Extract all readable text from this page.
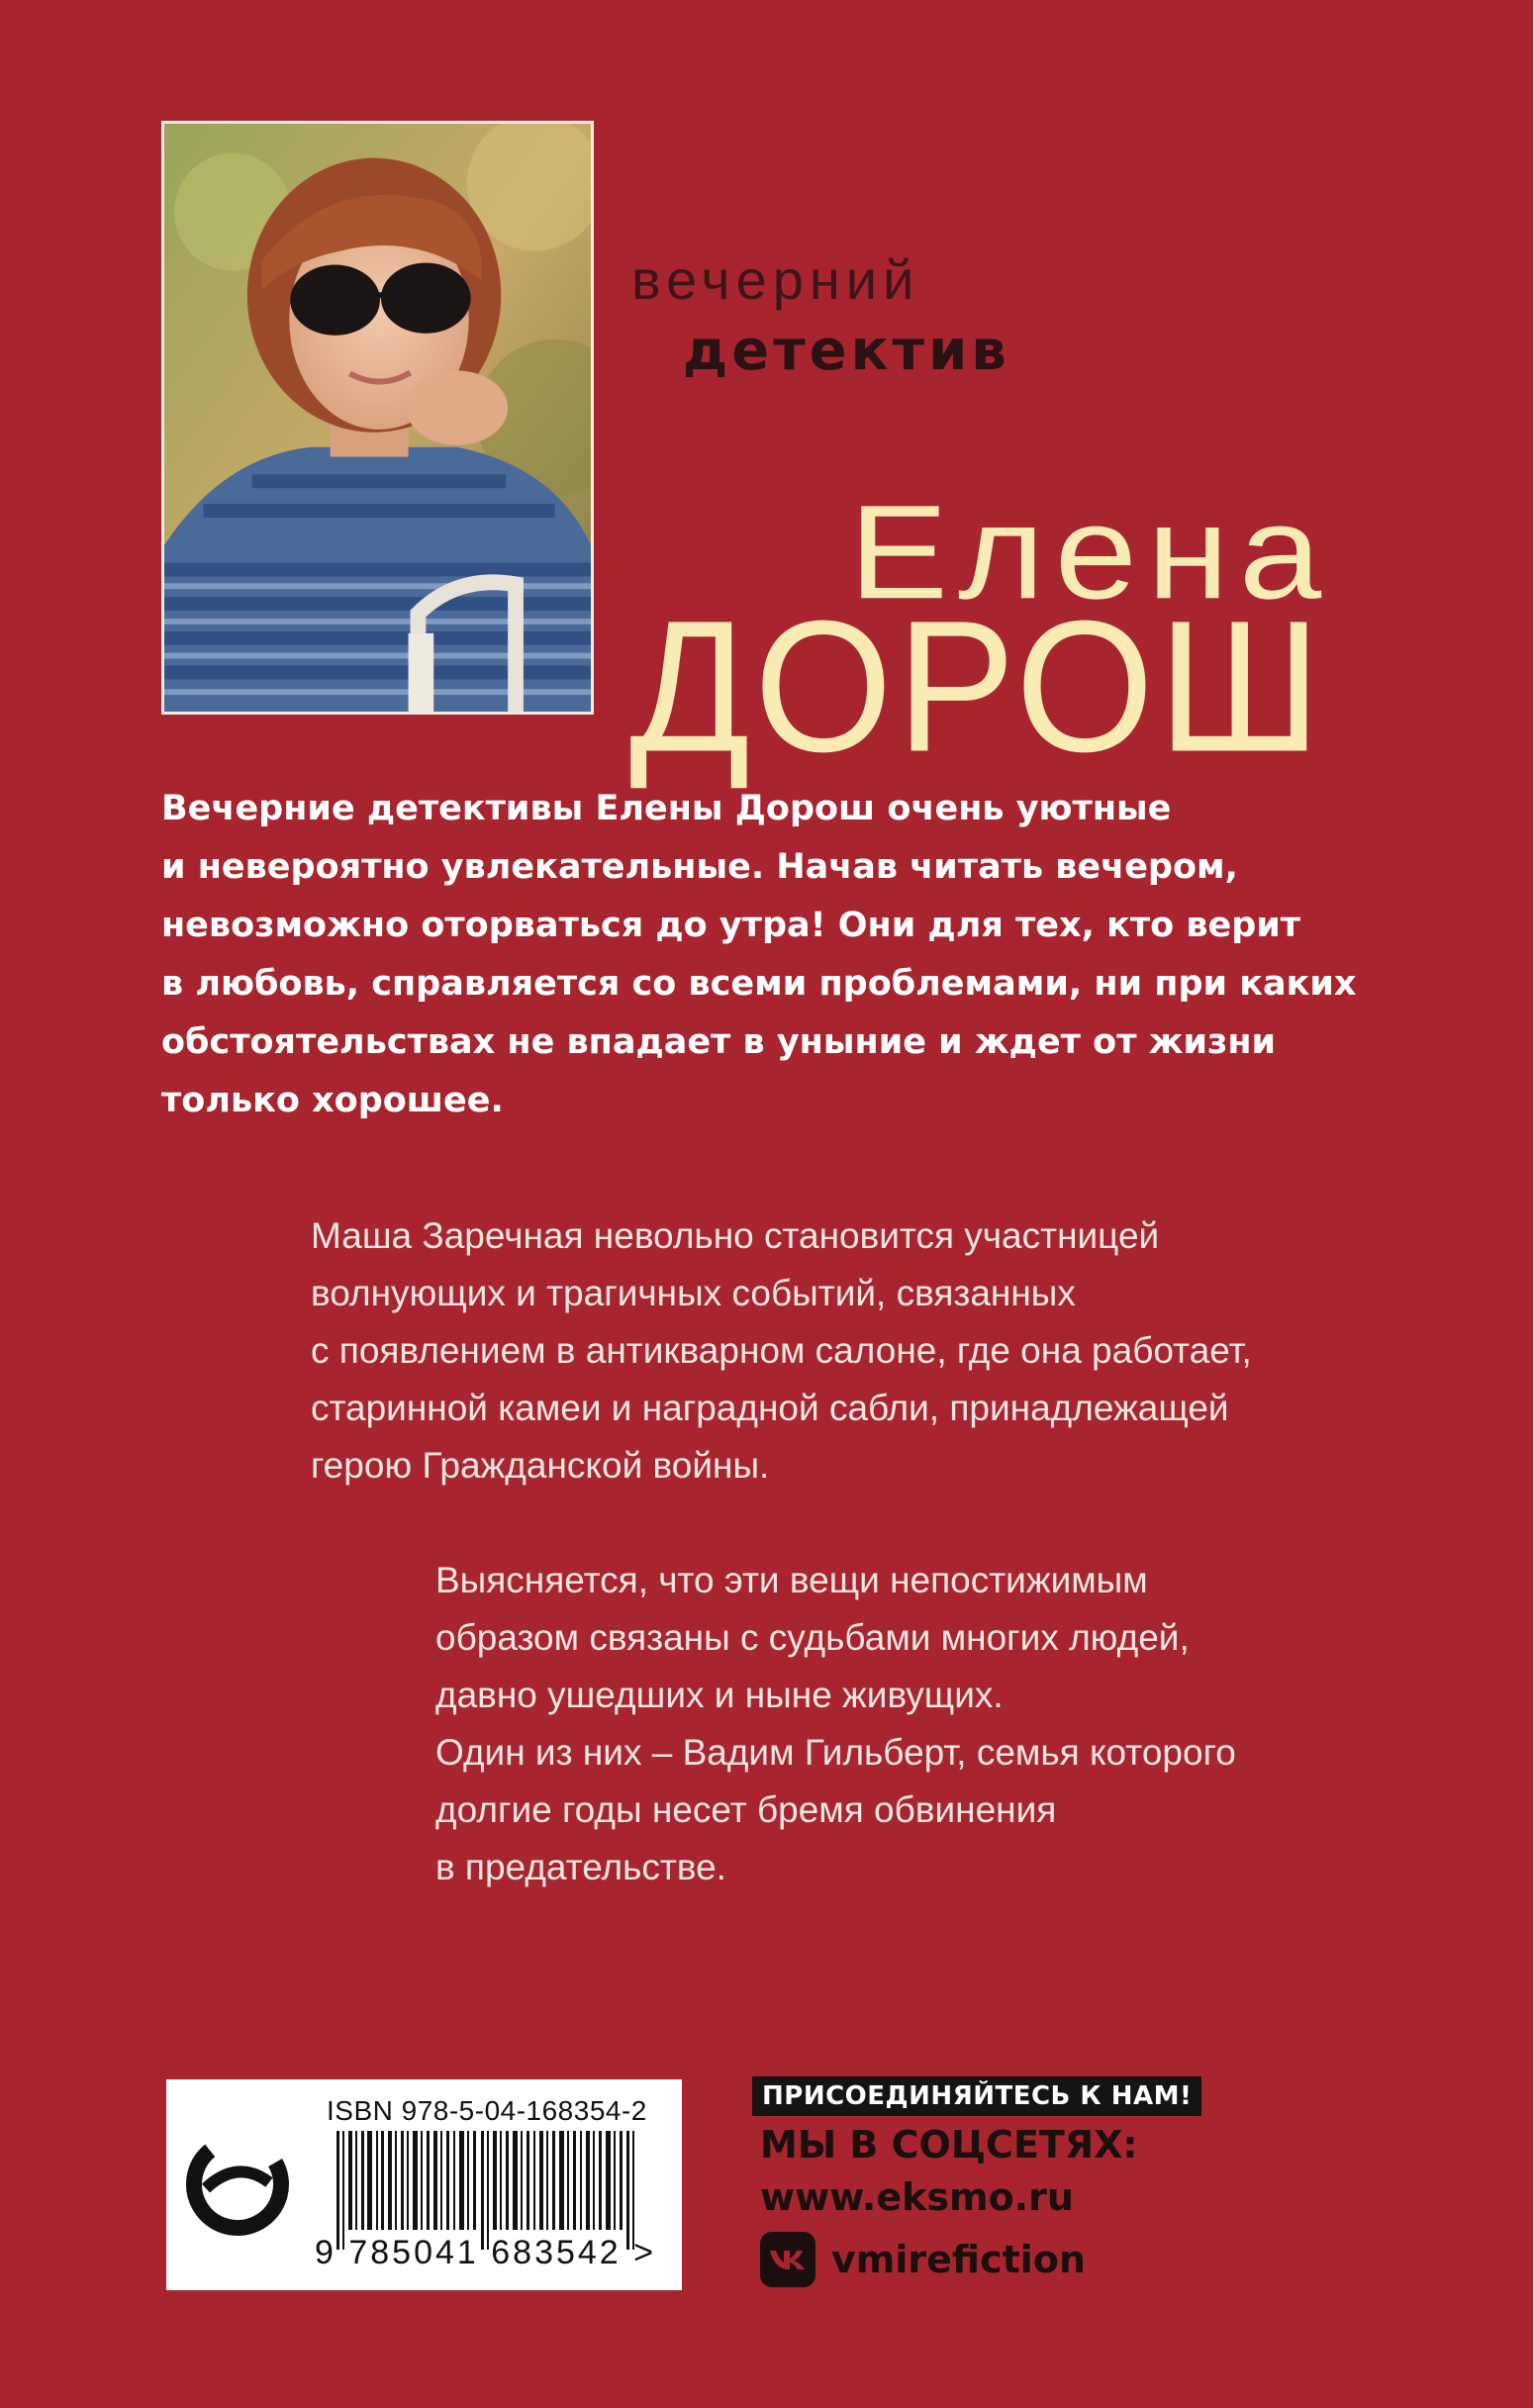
вечерний
детектив
Елена
ДОРОШ
Вечерние детективы Елены Дорош очень уютные
и невероятно увлекательные. Начав читать вечером,
невозможно оторваться до утра! Они для тех, кто верит
в любовь, справляется со всеми проблемами, ни при каких
обстоятельствах не впадает в уныние и ждет от жизни
только хорошее.
Маша Заречная невольно становится участницей
волнующих и трагичных событий, связанных
с появлением в антикварном салоне, где она работает,
старинной камеи и наградной сабли, принадлежащей
герою Гражданской войны.
Выясняется, что эти вещи непостижимым
образом связаны с судьбами многих людей,
давно ушедших и ныне живущих.
Один из них – Вадим Гильберт, семья которого
долгие годы несет бремя обвинения
в предательстве.
ISBN 978-5-04-168354-2
9 785041 683542 >
ПРИСОЕДИНЯЙТЕСЬ К НАМ!
МЫ В СОЦСЕТЯХ:
www.eksmo.ru
vmirefiction
